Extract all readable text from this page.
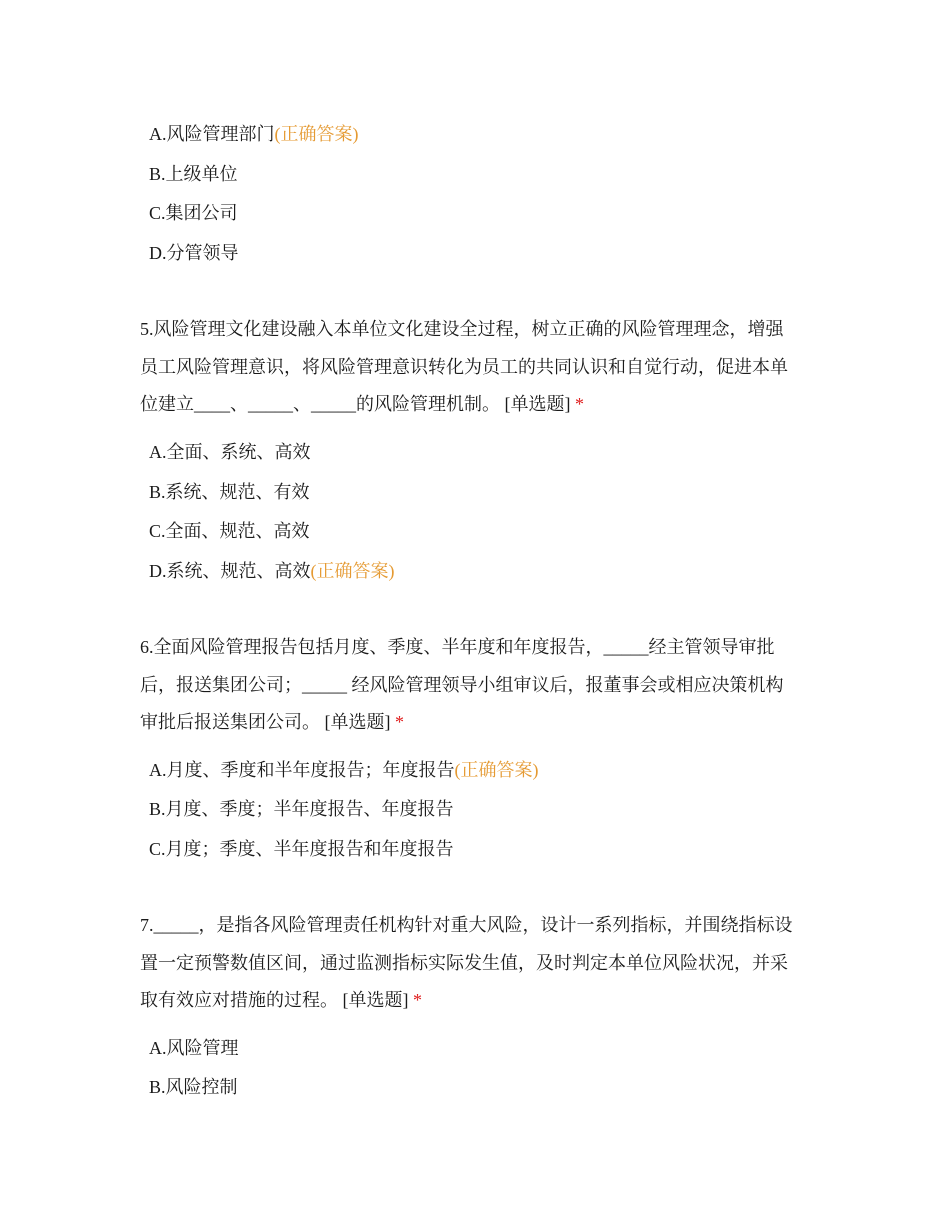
A.风险管理部门(正确答案)
B.上级单位
C.集团公司
D.分管领导
5.风险管理文化建设融入本单位文化建设全过程，树立正确的风险管理理念，增强
员工风险管理意识，将风险管理意识转化为员工的共同认识和自觉行动，促进本单
位建立____、_____、_____的风险管理机制。 [单选题] *
A.全面、系统、高效
B.系统、规范、有效
C.全面、规范、高效
D.系统、规范、高效(正确答案)
6.全面风险管理报告包括月度、季度、半年度和年度报告，_____经主管领导审批
后，报送集团公司；_____ 经风险管理领导小组审议后，报董事会或相应决策机构
审批后报送集团公司。 [单选题] *
A.月度、季度和半年度报告；年度报告(正确答案)
B.月度、季度；半年度报告、年度报告
C.月度；季度、半年度报告和年度报告
7._____，是指各风险管理责任机构针对重大风险，设计一系列指标，并围绕指标设
置一定预警数值区间，通过监测指标实际发生值，及时判定本单位风险状况，并采
取有效应对措施的过程。 [单选题] *
A.风险管理
B.风险控制
